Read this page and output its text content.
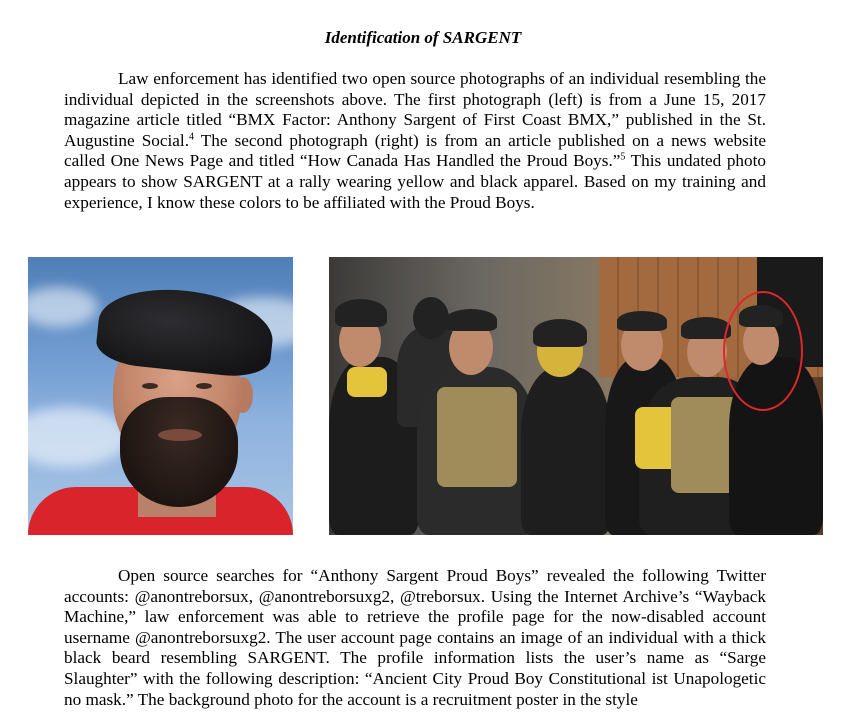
Identification of SARGENT
Law enforcement has identified two open source photographs of an individual resembling the individual depicted in the screenshots above. The first photograph (left) is from a June 15, 2017 magazine article titled “BMX Factor: Anthony Sargent of First Coast BMX,” published in the St. Augustine Social.$^4$ The second photograph (right) is from an article published on a news website called One News Page and titled “How Canada Has Handled the Proud Boys.”$^5$ This undated photo appears to show SARGENT at a rally wearing yellow and black apparel. Based on my training and experience, I know these colors to be affiliated with the Proud Boys.
Open source searches for “Anthony Sargent Proud Boys” revealed the following Twitter accounts: @anontreborsux, @anontreborsuxg2, @treborsux. Using the Internet Archive’s “Wayback Machine,” law enforcement was able to retrieve the profile page for the now-disabled account username @anontreborsuxg2. The user account page contains an image of an individual with a thick black beard resembling SARGENT. The profile information lists the user’s name as “Sarge Slaughter” with the following description: “Ancient City Proud Boy Constitutional ist Unapologetic no mask.” The background photo for the account is a recruitment poster in the style
